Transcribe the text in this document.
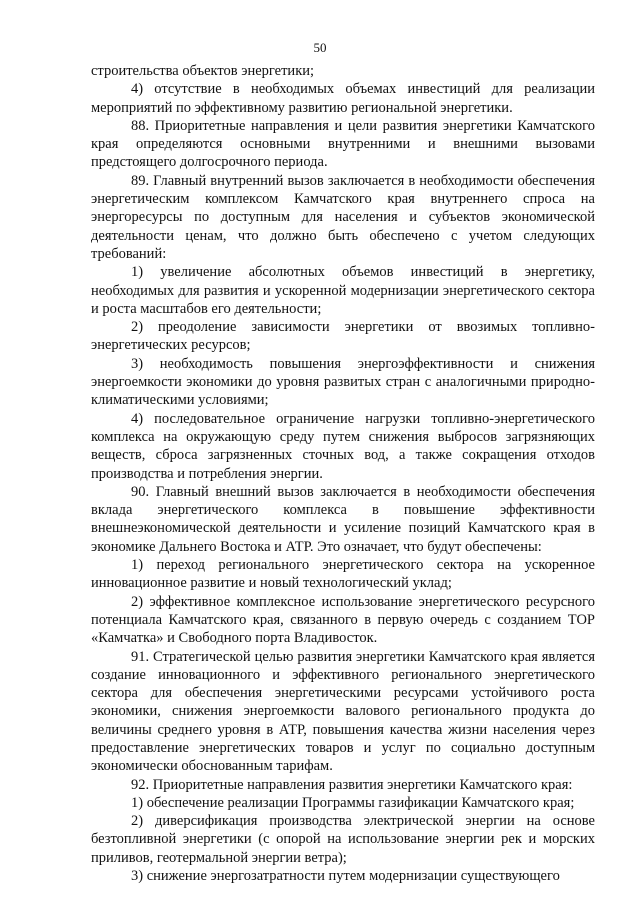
50

строительства объектов энергетики;

4) отсутствие в необходимых объемах инвестиций для реализации мероприятий по эффективному развитию региональной энергетики.

88. Приоритетные направления и цели развития энергетики Камчатского края определяются основными внутренними и внешними вызовами предстоящего долгосрочного периода.

89. Главный внутренний вызов заключается в необходимости обеспечения энергетическим комплексом Камчатского края внутреннего спроса на энергоресурсы по доступным для населения и субъектов экономической деятельности ценам, что должно быть обеспечено с учетом следующих требований:

1) увеличение абсолютных объемов инвестиций в энергетику, необходимых для развития и ускоренной модернизации энергетического сектора и роста масштабов его деятельности;

2) преодоление зависимости энергетики от ввозимых топливно-энергетических ресурсов;

3) необходимость повышения энергоэффективности и снижения энергоемкости экономики до уровня развитых стран с аналогичными природно-климатическими условиями;

4) последовательное ограничение нагрузки топливно-энергетического комплекса на окружающую среду путем снижения выбросов загрязняющих веществ, сброса загрязненных сточных вод, а также сокращения отходов производства и потребления энергии.

90. Главный внешний вызов заключается в необходимости обеспечения вклада энергетического комплекса в повышение эффективности внешнеэкономической деятельности и усиление позиций Камчатского края в экономике Дальнего Востока и АТР. Это означает, что будут обеспечены:

1) переход регионального энергетического сектора на ускоренное инновационное развитие и новый технологический уклад;

2) эффективное комплексное использование энергетического ресурсного потенциала Камчатского края, связанного в первую очередь с созданием ТОР «Камчатка» и Свободного порта Владивосток.

91. Стратегической целью развития энергетики Камчатского края является создание инновационного и эффективного регионального энергетического сектора для обеспечения энергетическими ресурсами устойчивого роста экономики, снижения энергоемкости валового регионального продукта до величины среднего уровня в АТР, повышения качества жизни населения через предоставление энергетических товаров и услуг по социально доступным экономически обоснованным тарифам.

92. Приоритетные направления развития энергетики Камчатского края:

1) обеспечение реализации Программы газификации Камчатского края;

2) диверсификация производства электрической энергии на основе безтопливной энергетики (с опорой на использование энергии рек и морских приливов, геотермальной энергии ветра);

3) снижение энергозатратности путем модернизации существующего
